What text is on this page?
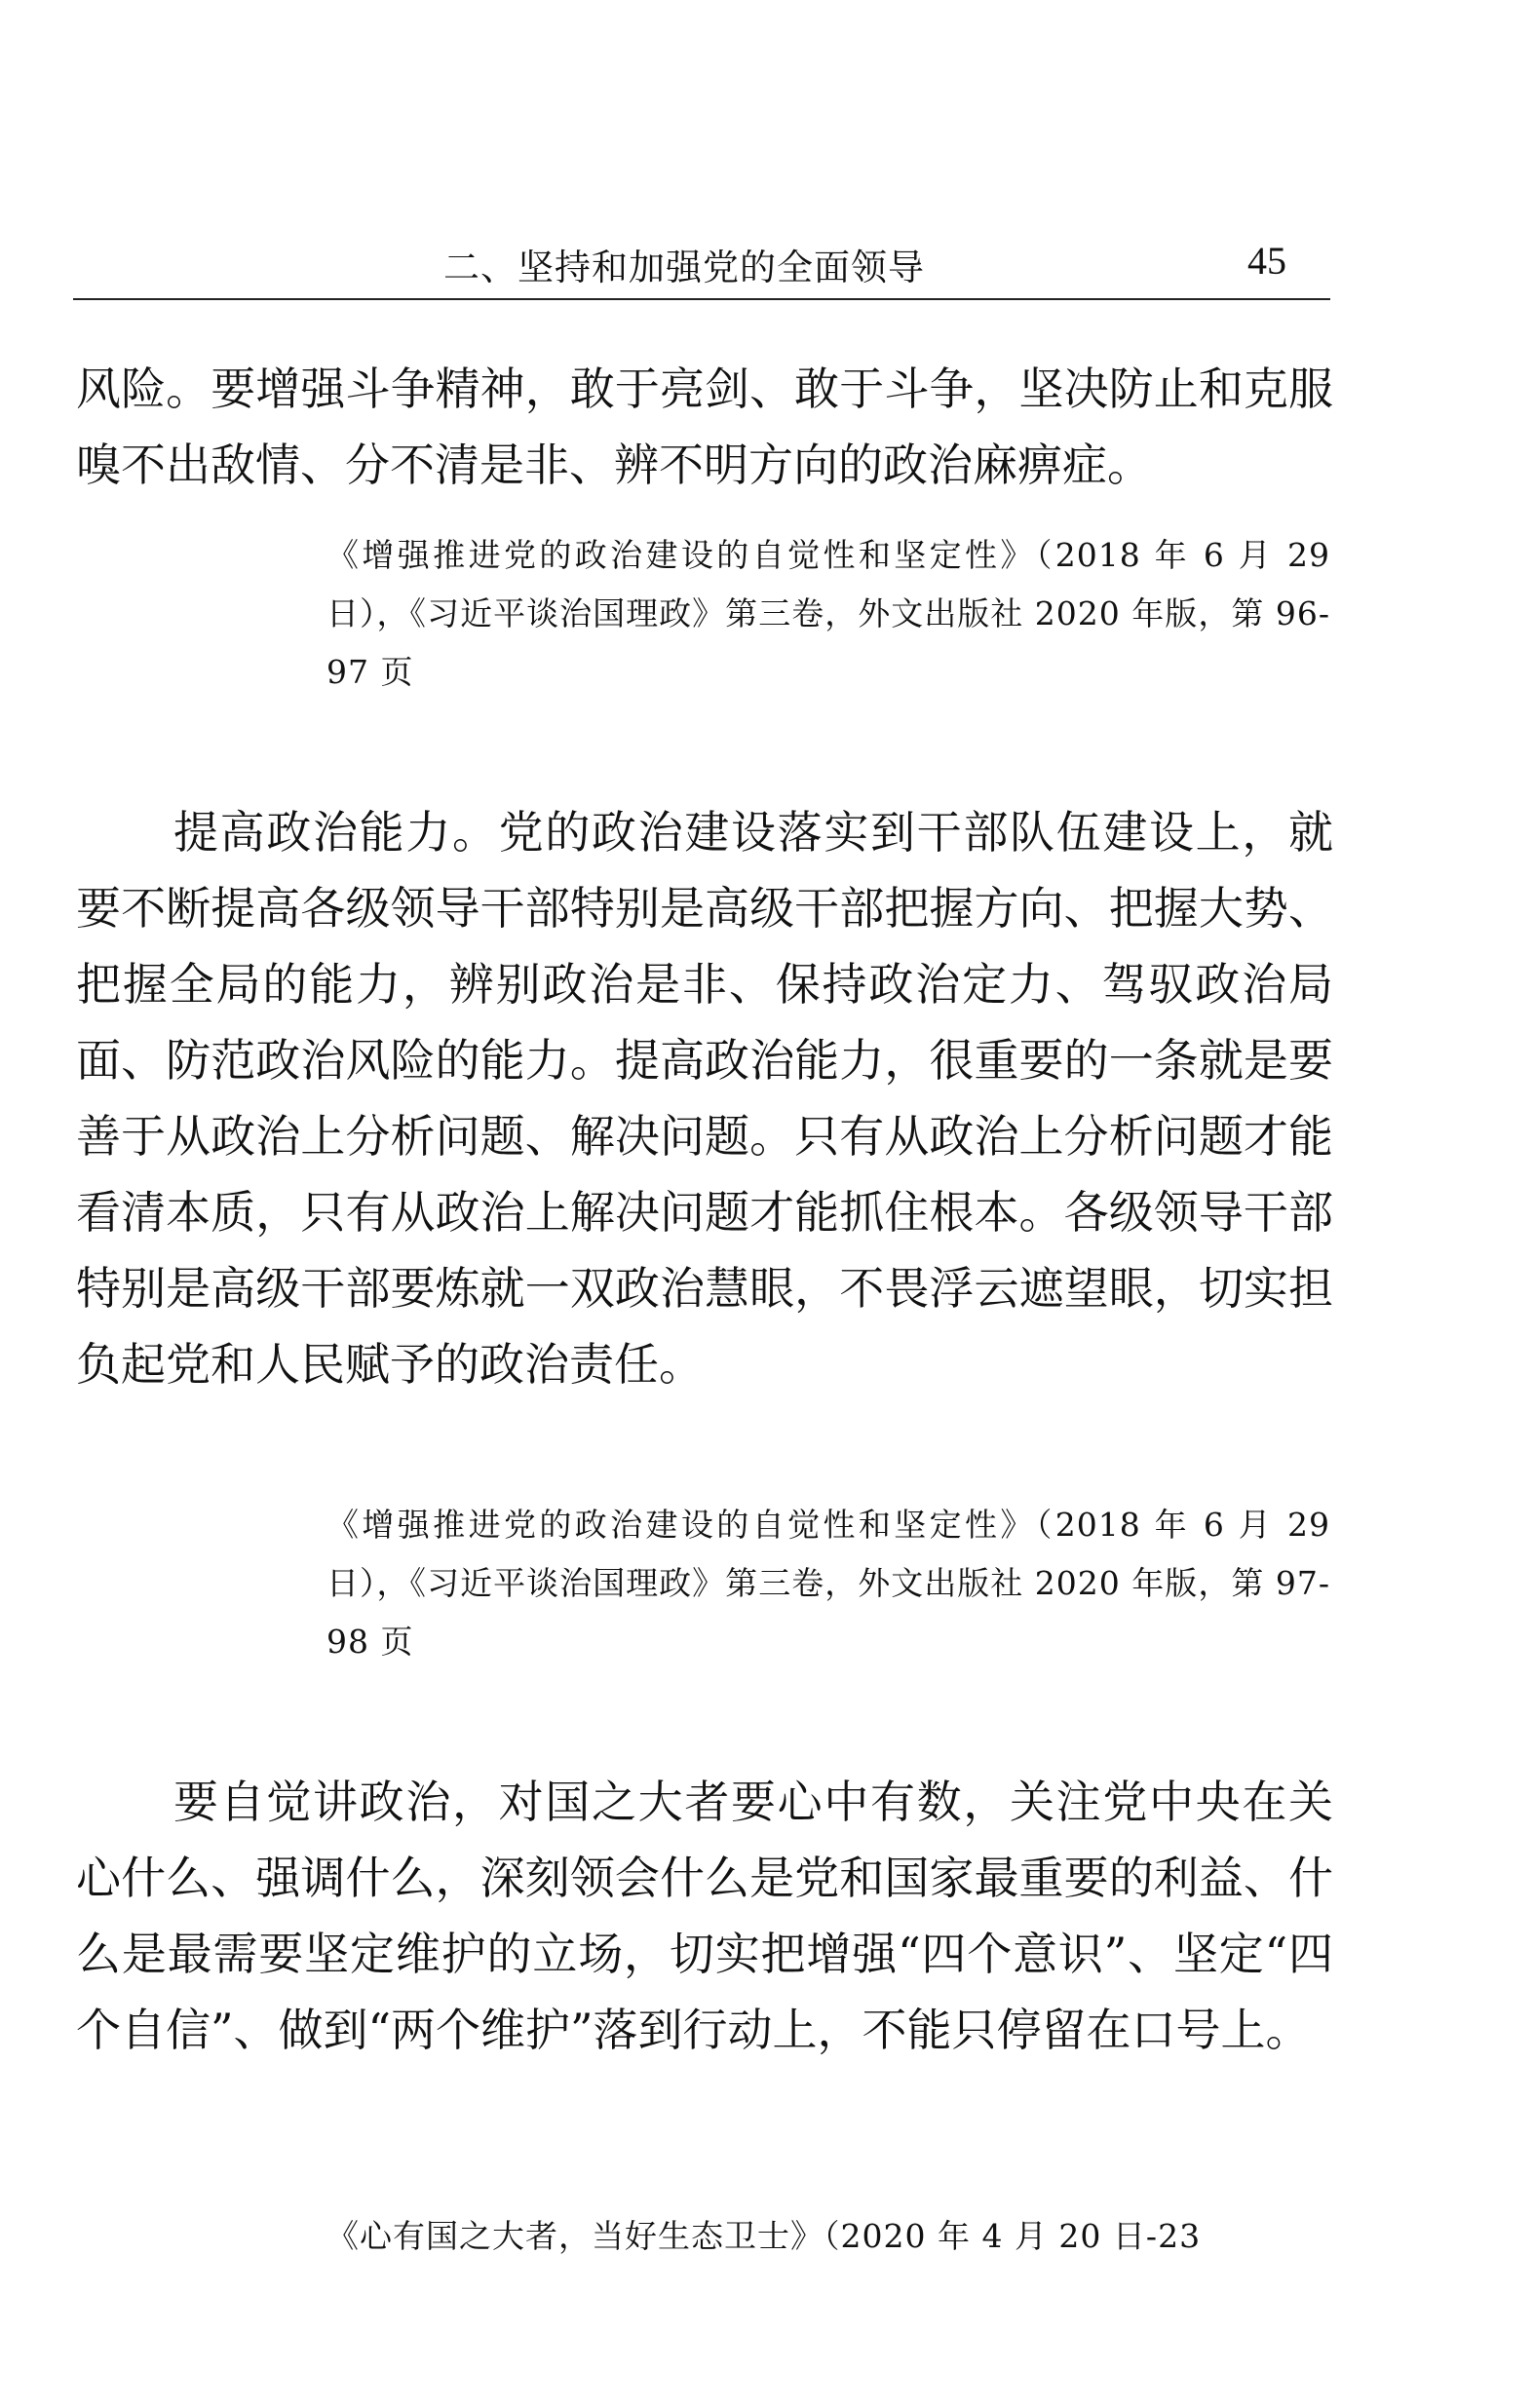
二、坚持和加强党的全面领导	45

风险。要增强斗争精神，敢于亮剑、敢于斗争，坚决防止和克服嗅不出敌情、分不清是非、辨不明方向的政治麻痹症。

《增强推进党的政治建设的自觉性和坚定性》（2018 年 6 月 29 日），《习近平谈治国理政》第三卷，外文出版社 2020 年版，第 96-97 页

提高政治能力。党的政治建设落实到干部队伍建设上，就要不断提高各级领导干部特别是高级干部把握方向、把握大势、把握全局的能力，辨别政治是非、保持政治定力、驾驭政治局面、防范政治风险的能力。提高政治能力，很重要的一条就是要善于从政治上分析问题、解决问题。只有从政治上分析问题才能看清本质，只有从政治上解决问题才能抓住根本。各级领导干部特别是高级干部要炼就一双政治慧眼，不畏浮云遮望眼，切实担负起党和人民赋予的政治责任。

《增强推进党的政治建设的自觉性和坚定性》（2018 年 6 月 29 日），《习近平谈治国理政》第三卷，外文出版社 2020 年版，第 97-98 页

要自觉讲政治，对国之大者要心中有数，关注党中央在关心什么、强调什么，深刻领会什么是党和国家最重要的利益、什么是最需要坚定维护的立场，切实把增强“四个意识”、坚定“四个自信”、做到“两个维护”落到行动上，不能只停留在口号上。

《心有国之大者，当好生态卫士》（2020 年 4 月 20 日-23
